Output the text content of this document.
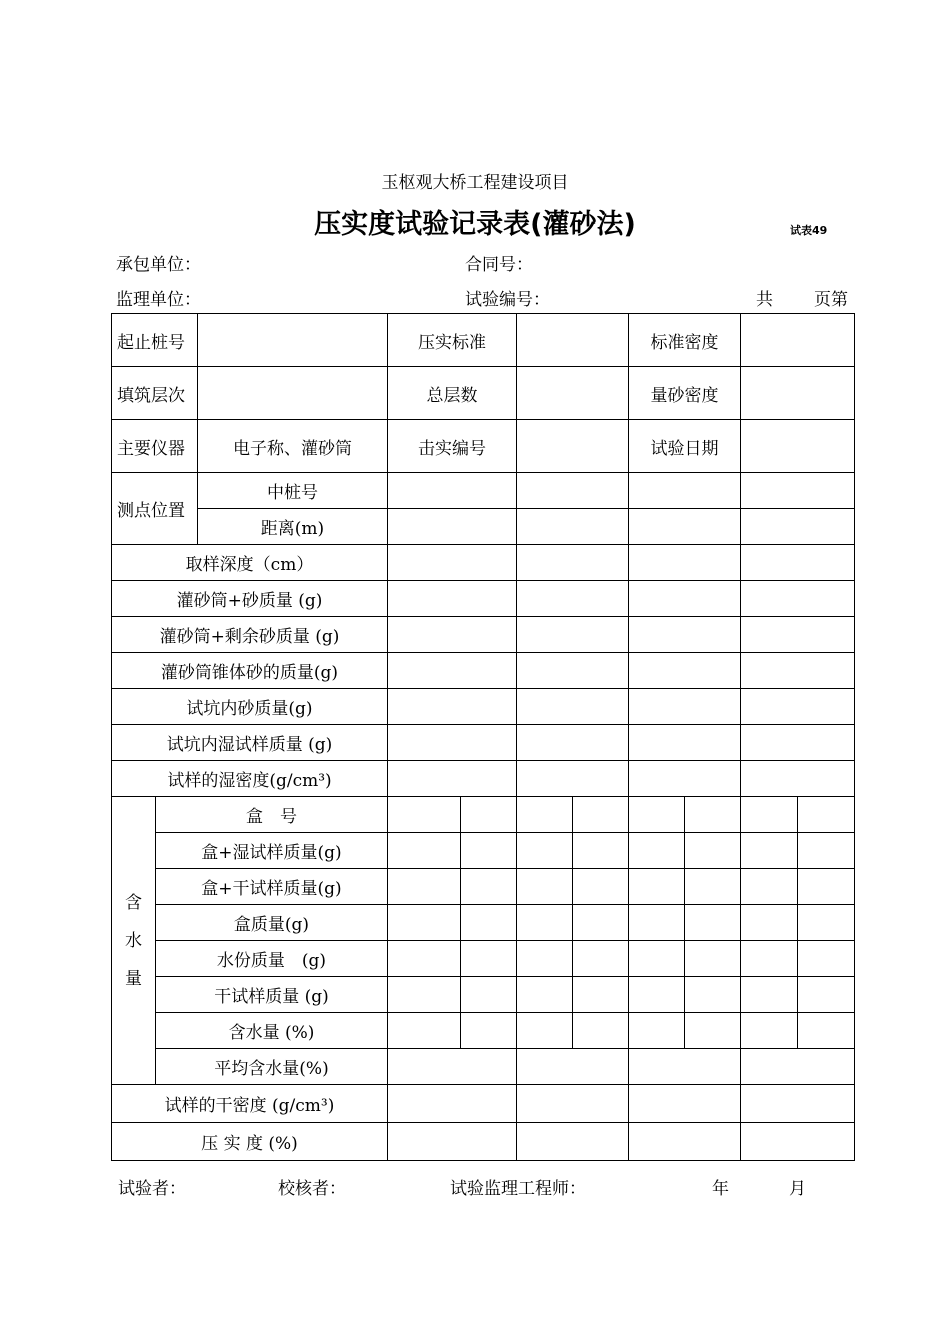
玉枢观大桥工程建设项目
压实度试验记录表(灌砂法)	试表49
承包单位：	合同号：
监理单位：	试验编号：	共 页第
起止桩号			压实标准				标准密度			
填筑层次			总层数				量砂密度			
主要仪器		电子称、灌砂筒	击实编号				试验日期			
测点位置		中桩号								
		距离(m)								
取样深度（cm）										
灌砂筒+砂质量 (g)										
灌砂筒+剩余砂质量 (g)										
灌砂筒锥体砂的质量(g)										
试坑内砂质量(g)										
试坑内湿试样质量 (g)										
试样的湿密度(g/cm³)										

含
水
量	盒　号									
	盒+湿试样质量(g)									
	盒+干试样质量(g)									
	盒质量(g)									
	水份质量　(g)									
	干试样质量 (g)									
	含水量 (%)									
	平均含水量(%)									
试样的干密度 (g/cm³)										
压 实 度 (%)										
试验者：	校核者：	试验监理工程师：	年	月
